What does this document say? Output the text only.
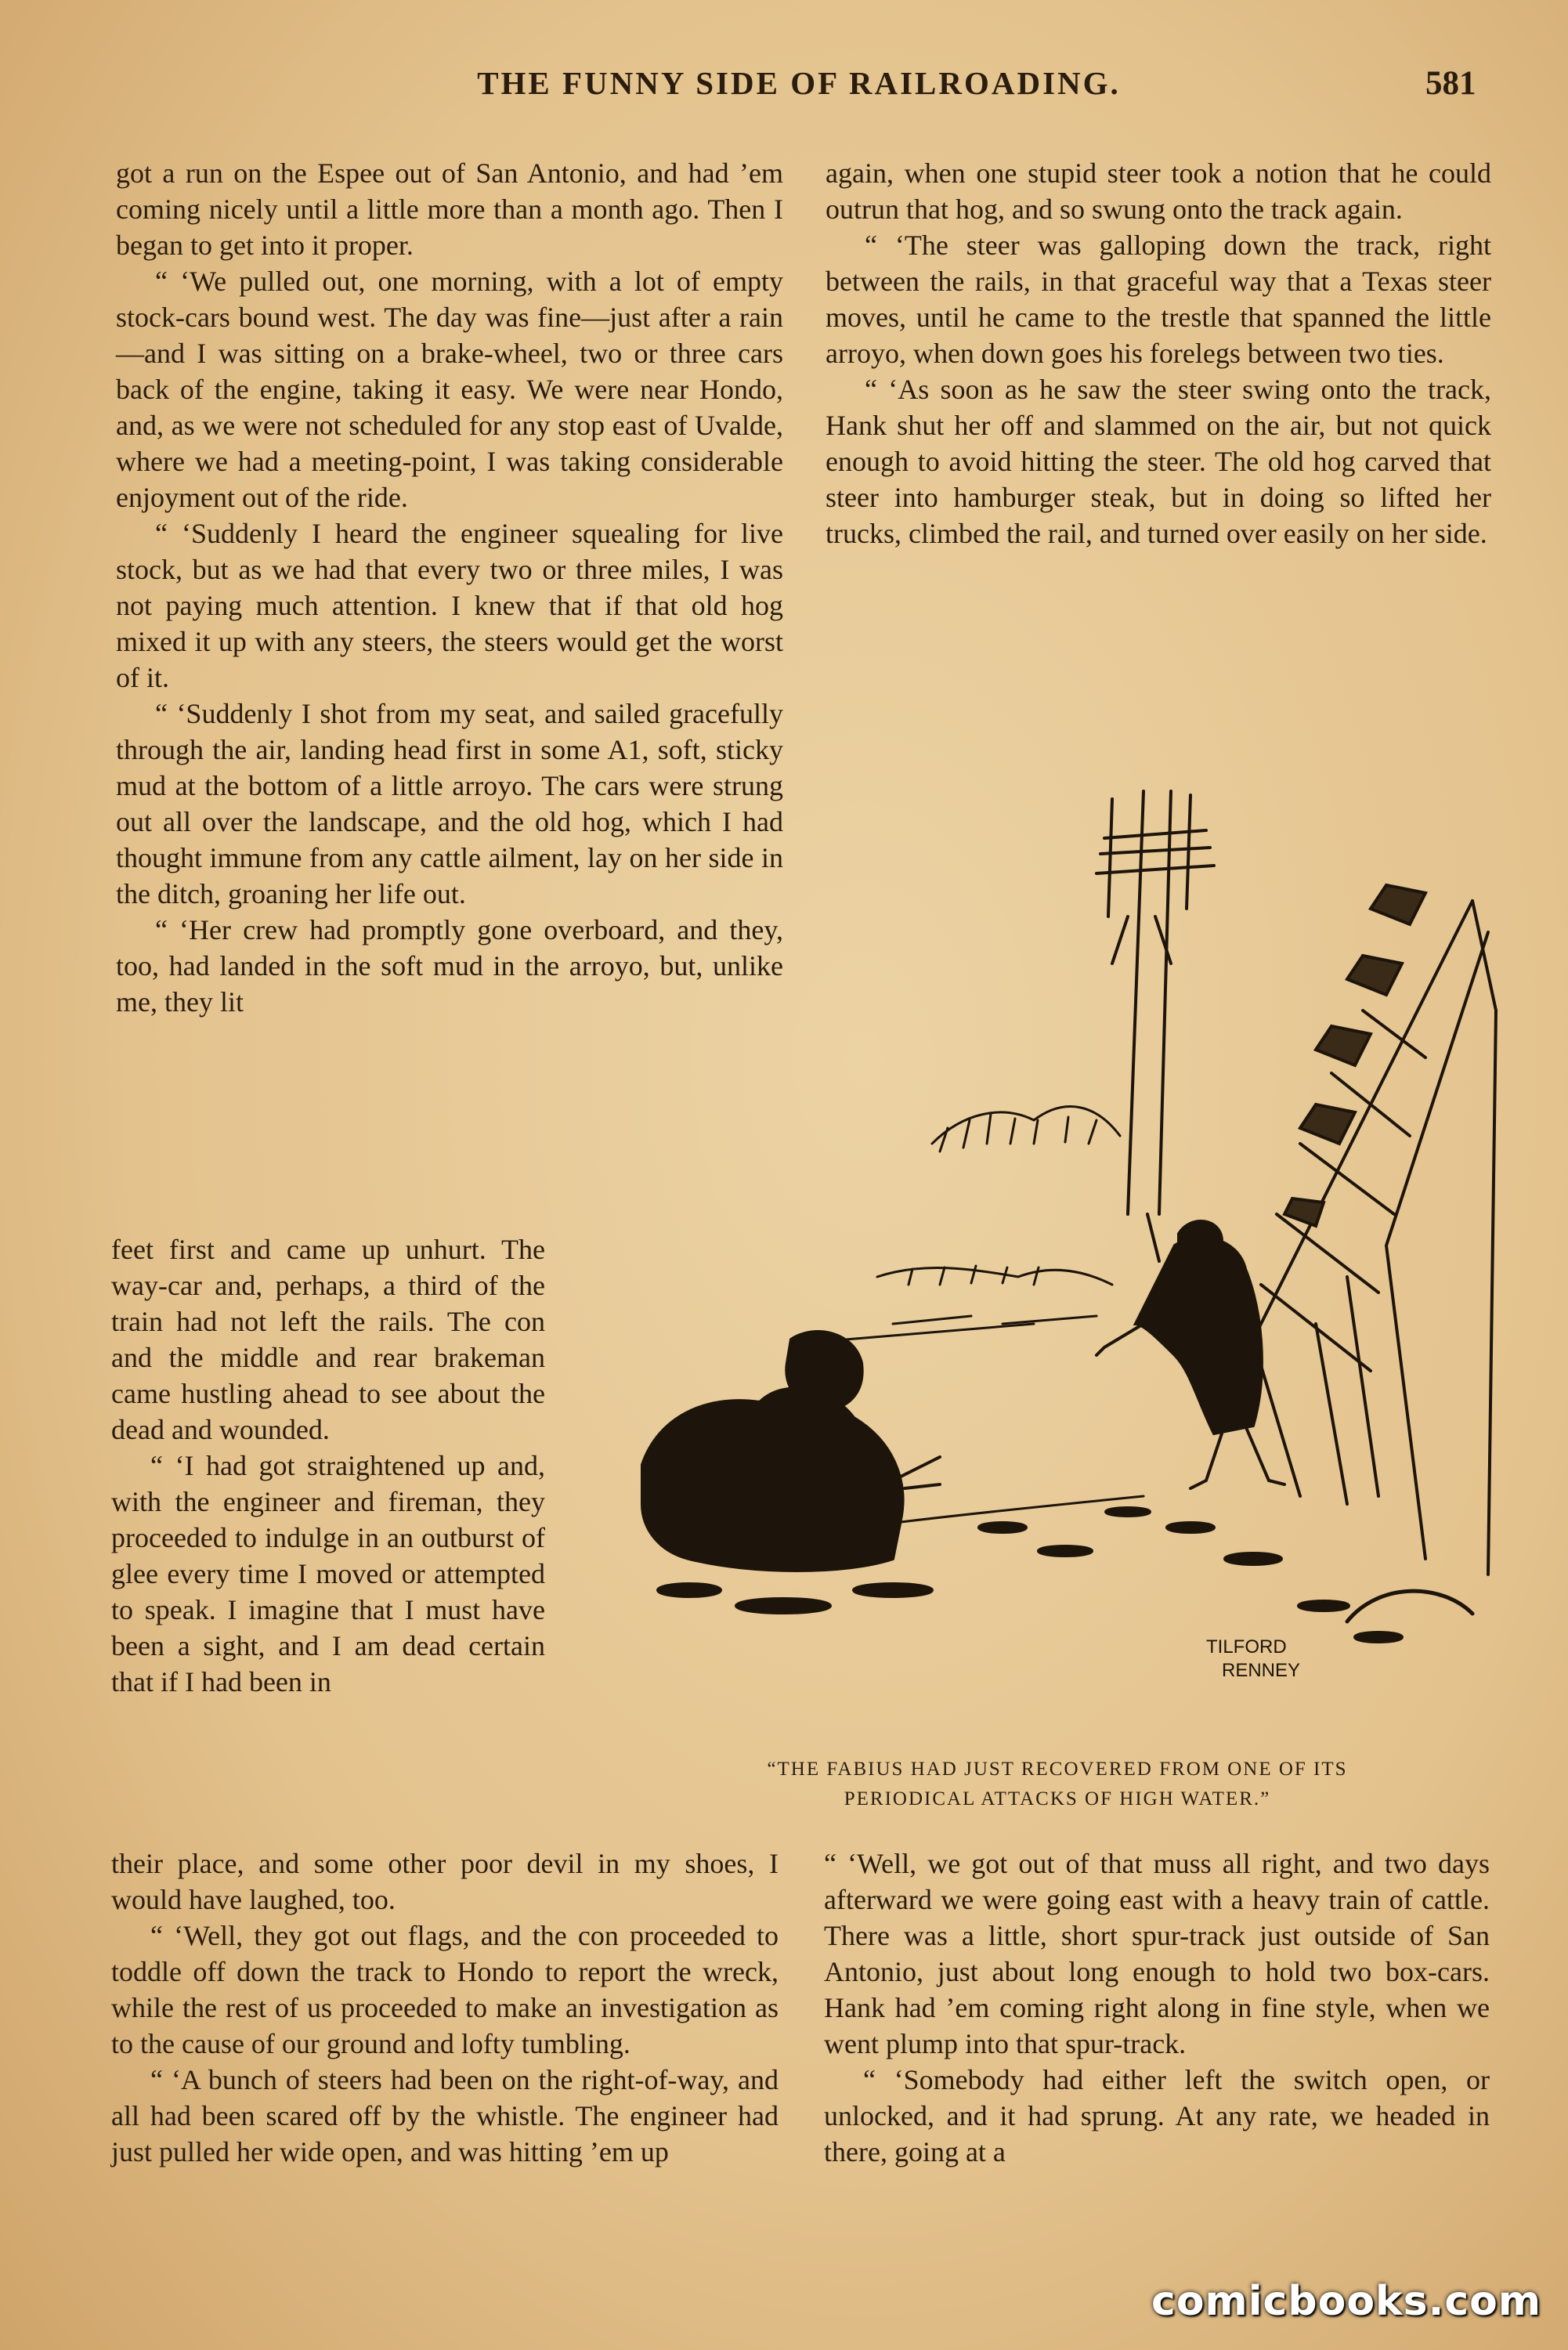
THE FUNNY SIDE OF RAILROADING.	581

got a run on the Espee out of San Antonio, and had ’em coming nicely until a little more than a month ago. Then I began to get into it proper.

“ ‘We pulled out, one morning, with a lot of empty stock-cars bound west. The day was fine—just after a rain—and I was sitting on a brake-wheel, two or three cars back of the engine, taking it easy. We were near Hondo, and, as we were not scheduled for any stop east of Uvalde, where we had a meeting-point, I was taking considerable enjoyment out of the ride.

“ ‘Suddenly I heard the engineer squealing for live stock, but as we had that every two or three miles, I was not paying much attention. I knew that if that old hog mixed it up with any steers, the steers would get the worst of it.

“ ‘Suddenly I shot from my seat, and sailed gracefully through the air, landing head first in some A1, soft, sticky mud at the bottom of a little arroyo. The cars were strung out all over the landscape, and the old hog, which I had thought immune from any cattle ailment, lay on her side in the ditch, groaning her life out.

“ ‘Her crew had promptly gone overboard, and they, too, had landed in the soft mud in the arroyo, but, unlike me, they lit

feet first and came up unhurt. The way-car and, perhaps, a third of the train had not left the rails. The con and the middle and rear brakeman came hustling ahead to see about the dead and wounded.

“ ‘I had got straightened up and, with the engineer and fireman, they proceeded to indulge in an outburst of glee every time I moved or attempted to speak. I imagine that I must have been a sight, and I am dead certain that if I had been in

their place, and some other poor devil in my shoes, I would have laughed, too.

“ ‘Well, they got out flags, and the con proceeded to toddle off down the track to Hondo to report the wreck, while the rest of us proceeded to make an investigation as to the cause of our ground and lofty tumbling.

“ ‘A bunch of steers had been on the right-of-way, and all had been scared off by the whistle. The engineer had just pulled her wide open, and was hitting ’em up

again, when one stupid steer took a notion that he could outrun that hog, and so swung onto the track again.

“ ‘The steer was galloping down the track, right between the rails, in that graceful way that a Texas steer moves, until he came to the trestle that spanned the little arroyo, when down goes his forelegs between two ties.

“ ‘As soon as he saw the steer swing onto the track, Hank shut her off and slammed on the air, but not quick enough to avoid hitting the steer. The old hog carved that steer into hamburger steak, but in doing so lifted her trucks, climbed the rail, and turned over easily on her side.

TILFORD
RENNEY
“THE FABIUS HAD JUST RECOVERED FROM ONE OF ITS
PERIODICAL ATTACKS OF HIGH WATER.”

“ ‘Well, we got out of that muss all right, and two days afterward we were going east with a heavy train of cattle. There was a little, short spur-track just outside of San Antonio, just about long enough to hold two box-cars. Hank had ’em coming right along in fine style, when we went plump into that spur-track.

“ ‘Somebody had either left the switch open, or unlocked, and it had sprung. At any rate, we headed in there, going at a

comicbooks.com
